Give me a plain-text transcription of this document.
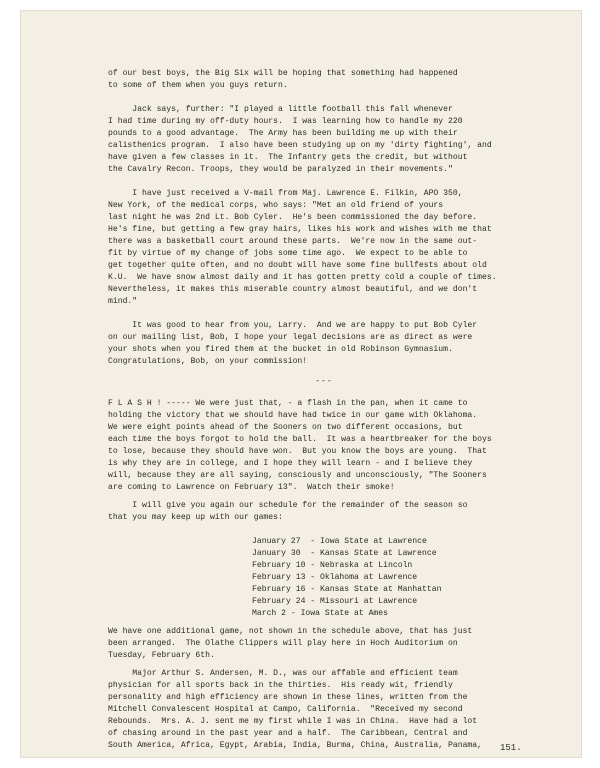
of our best boys, the Big Six will be hoping that something had happened
to some of them when you guys return.
Jack says, further: "I played a little football this fall whenever
I had time during my off-duty hours.  I was learning how to handle my 220
pounds to a good advantage.  The Army has been building me up with their
calisthenics program.  I also have been studying up on my 'dirty fighting', and
have given a few classes in it.  The Infantry gets the credit, but without
the Cavalry Recon. Troops, they would be paralyzed in their movements."
I have just received a V-mail from Maj. Lawrence E. Filkin, APO 350,
New York, of the medical corps, who says: "Met an old friend of yours
last night he was 2nd Lt. Bob Cyler.  He's been commissioned the day before.
He's fine, but getting a few gray hairs, likes his work and wishes with me that
there was a basketball court around these parts.  We're now in the same out-
fit by virtue of my change of jobs some time ago.  We expect to be able to
get together quite often, and no doubt will have some fine bullfests about old
K.U.  We have snow almost daily and it has gotten pretty cold a couple of times.
Nevertheless, it makes this miserable country almost beautiful, and we don't
mind."
It was good to hear from you, Larry.  And we are happy to put Bob Cyler
on our mailing list, Bob, I hope your legal decisions are as direct as were
your shots when you fired them at the bucket in old Robinson Gymnasium.
Congratulations, Bob, on your commission!
---
F L A S H ! ----- We were just that, - a flash in the pan, when it came to
holding the victory that we should have had twice in our game with Oklahoma.
We were eight points ahead of the Sooners on two different occasions, but
each time the boys forgot to hold the ball.  It was a heartbreaker for the boys
to lose, because they should have won.  But you know the boys are young.  That
is why they are in college, and I hope they will learn - and I believe they
will, because they are all saying, consciously and unconsciously, "The Sooners
are coming to Lawrence on February 13".  Watch their smoke!
I will give you again our schedule for the remainder of the season so
that you may keep up with our games:
January 27  - Iowa State at Lawrence
January 30  - Kansas State at Lawrence
February 10 - Nebraska at Lincoln
February 13 - Oklahoma at Lawrence
February 16 - Kansas State at Manhattan
February 24 - Missouri at Lawrence
March 2 - Iowa State at Ames
We have one additional game, not shown in the schedule above, that has just
been arranged.  The Olathe Clippers will play here in Hoch Auditorium on
Tuesday, February 6th.
Major Arthur S. Andersen, M. D., was our affable and efficient team
physician for all sports back in the thirties.  His ready wit, friendly
personality and high efficiency are shown in these lines, written from the
Mitchell Convalescent Hospital at Campo, California.  "Received my second
Rebounds.  Mrs. A. J. sent me my first while I was in China.  Have had a lot
of chasing around in the past year and a half.  The Caribbean, Central and
South America, Africa, Egypt, Arabia, India, Burma, China, Australia, Panama,	151.
